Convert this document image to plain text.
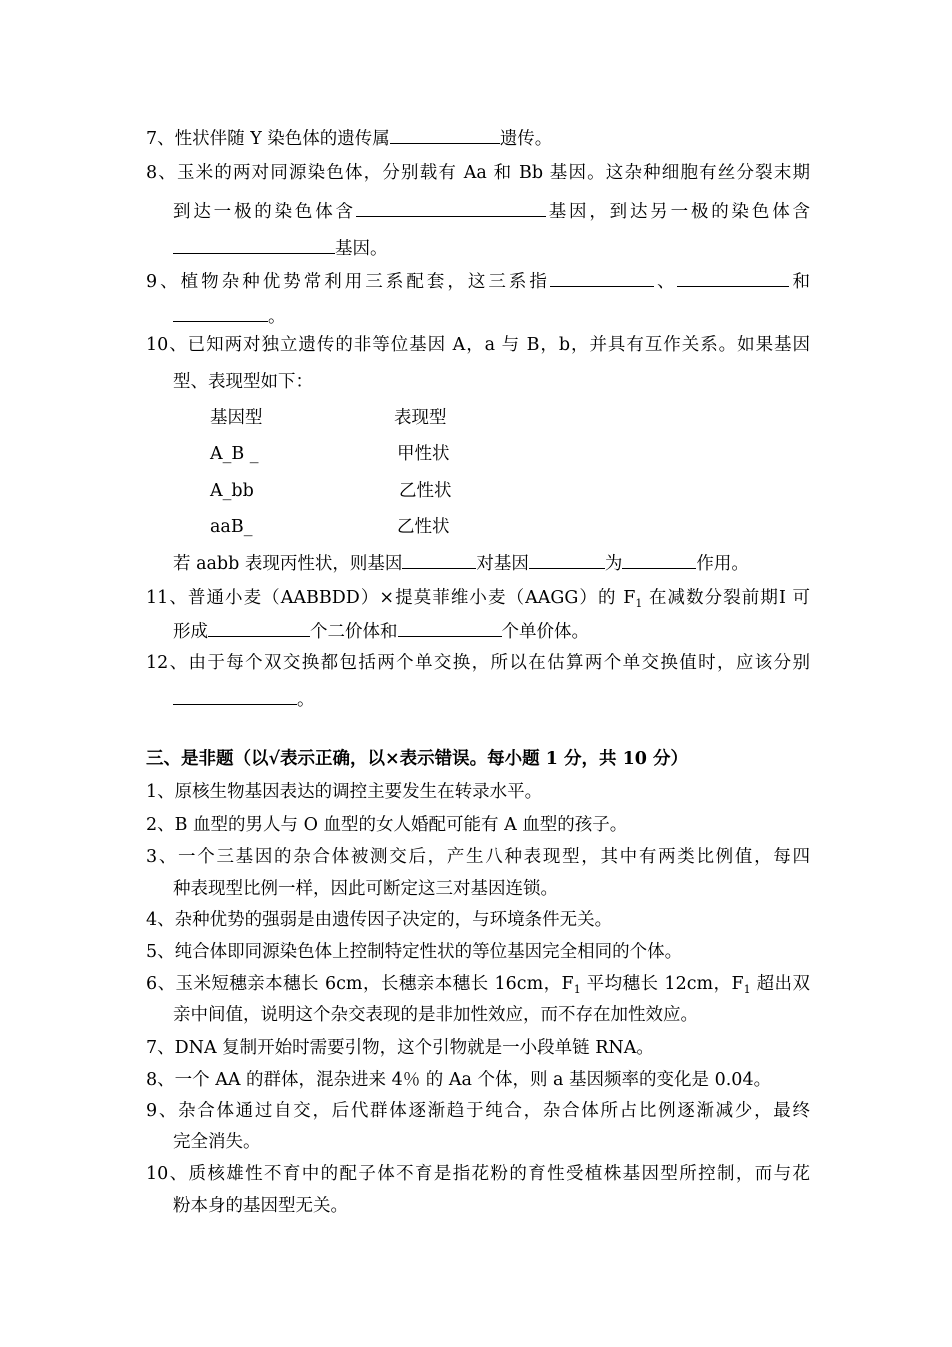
7、性状伴随 Y 染色体的遗传属	遗传。
8、玉米的两对同源染色体，分别载有 Aa 和 Bb 基因。这杂种细胞有丝分裂末期
到达一极的染色体含	基因，到达另一极的染色体含
基因。
9、植物杂种优势常利用三系配套，这三系指	、	和
。
10、已知两对独立遗传的非等位基因 A，a 与 B，b，并具有互作关系。如果基因
型、表现型如下：
基因型	表现型
A_B _	甲性状
A_bb	乙性状
aaB_	乙性状
若 aabb 表现丙性状，则基因	对基因	为	作用。
11、普通小麦（AABBDD）×提莫菲维小麦（AAGG）的 $F_1$ 在减数分裂前期I 可
形成	个二价体和	个单价体。
12、由于每个双交换都包括两个单交换，所以在估算两个单交换值时，应该分别
。
三、是非题（以√表示正确，以×表示错误。每小题 1 分，共 10 分）
1、原核生物基因表达的调控主要发生在转录水平。
2、B 血型的男人与 O 血型的女人婚配可能有 A 血型的孩子。
3、一个三基因的杂合体被测交后，产生八种表现型，其中有两类比例值，每四
种表现型比例一样，因此可断定这三对基因连锁。
4、杂种优势的强弱是由遗传因子决定的，与环境条件无关。
5、纯合体即同源染色体上控制特定性状的等位基因完全相同的个体。
6、玉米短穗亲本穗长 6cm，长穗亲本穗长 16cm，$F_1$ 平均穗长 12cm，$F_1$ 超出双
亲中间值，说明这个杂交表现的是非加性效应，而不存在加性效应。
7、DNA 复制开始时需要引物，这个引物就是一小段单链 RNA。
8、一个 AA 的群体，混杂进来 4％ 的 Aa 个体，则 a 基因频率的变化是 0.04。
9、杂合体通过自交，后代群体逐渐趋于纯合，杂合体所占比例逐渐减少，最终
完全消失。
10、质核雄性不育中的配子体不育是指花粉的育性受植株基因型所控制，而与花
粉本身的基因型无关。
